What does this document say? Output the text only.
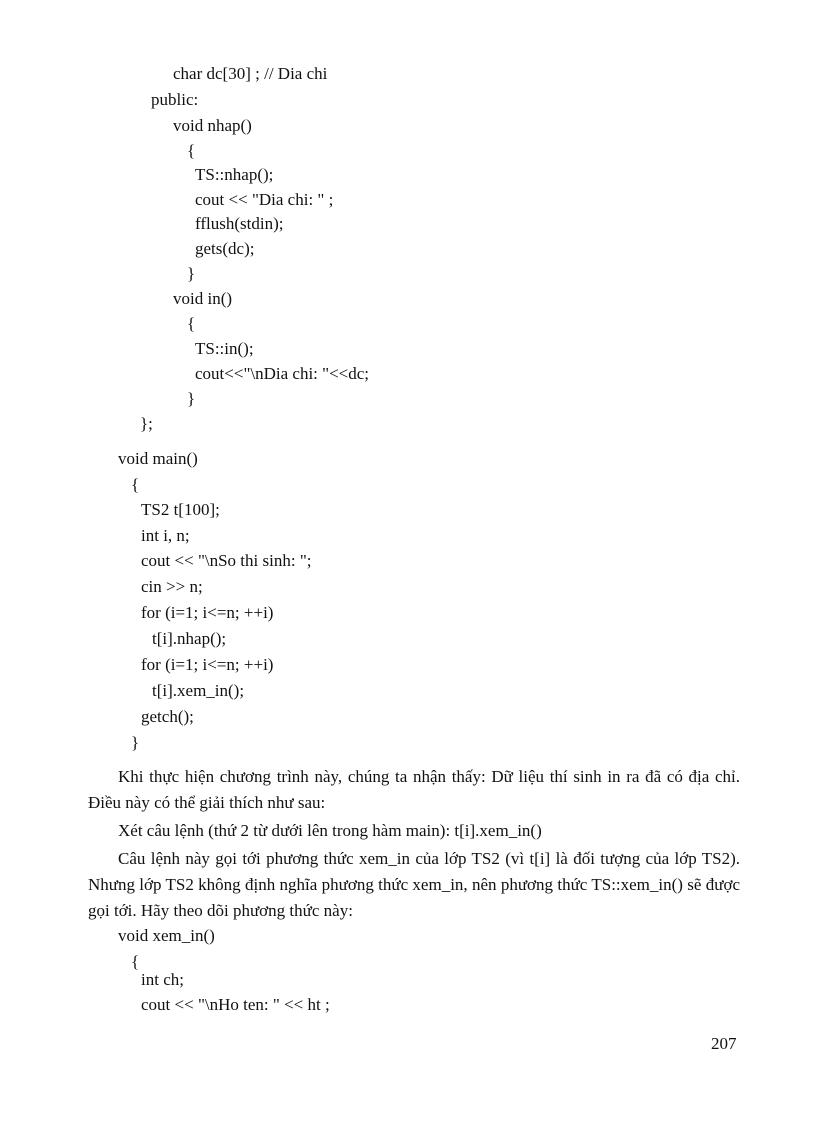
char dc[30] ; // Dia chi
public:
void nhap()
{
TS::nhap();
cout << "Dia chi: " ;
fflush(stdin);
gets(dc);
}
void in()
{
TS::in();
cout<<"\nDia chi: "<<dc;
}
};
void main()
{
TS2 t[100];
int i, n;
cout << "\nSo thi sinh: ";
cin >> n;
for (i=1; i<=n; ++i)
t[i].nhap();
for (i=1; i<=n; ++i)
t[i].xem_in();
getch();
}
Khi thực hiện chương trình này, chúng ta nhận thấy: Dữ liệu thí sinh in ra đã có địa chỉ. Điều này có thể giải thích như sau:
Xét câu lệnh (thứ 2 từ dưới lên trong hàm main): t[i].xem_in()
Câu lệnh này gọi tới phương thức xem_in của lớp TS2 (vì t[i] là đối tượng của lớp TS2). Nhưng lớp TS2 không định nghĩa phương thức xem_in, nên phương thức TS::xem_in() sẽ được gọi tới. Hãy theo dõi phương thức này:
void xem_in()
{
int ch;
cout << "\nHo ten: " << ht ;
207
